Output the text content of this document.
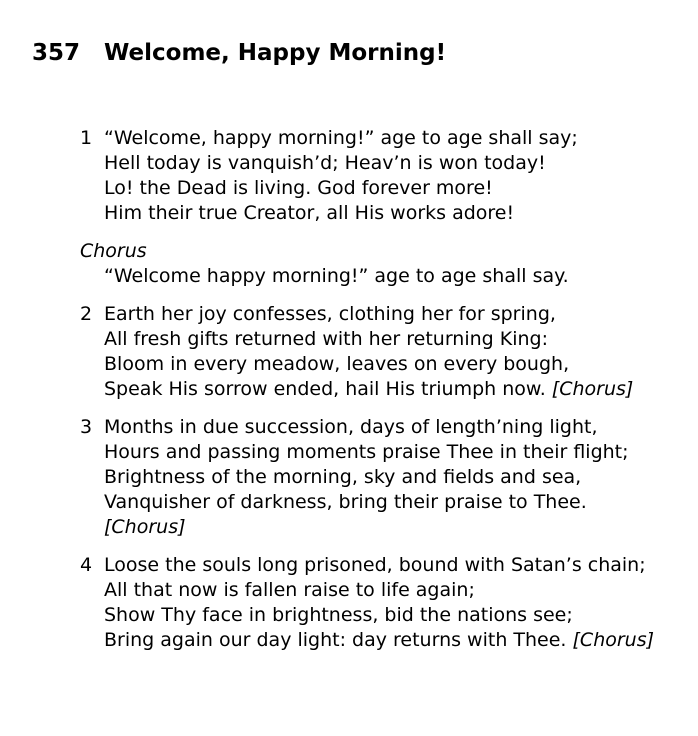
357 Welcome, Happy Morning!
1 “Welcome, happy morning!” age to age shall say;
Hell today is vanquish’d; Heav’n is won today!
Lo! the Dead is living. God forever more!
Him their true Creator, all His works adore!
Chorus
“Welcome happy morning!” age to age shall say.
2 Earth her joy confesses, clothing her for spring,
All fresh gifts returned with her returning King:
Bloom in every meadow, leaves on every bough,
Speak His sorrow ended, hail His triumph now. [Chorus]
3 Months in due succession, days of length’ning light,
Hours and passing moments praise Thee in their flight;
Brightness of the morning, sky and fields and sea,
Vanquisher of darkness, bring their praise to Thee.
[Chorus]
4 Loose the souls long prisoned, bound with Satan’s chain;
All that now is fallen raise to life again;
Show Thy face in brightness, bid the nations see;
Bring again our day light: day returns with Thee. [Chorus]
